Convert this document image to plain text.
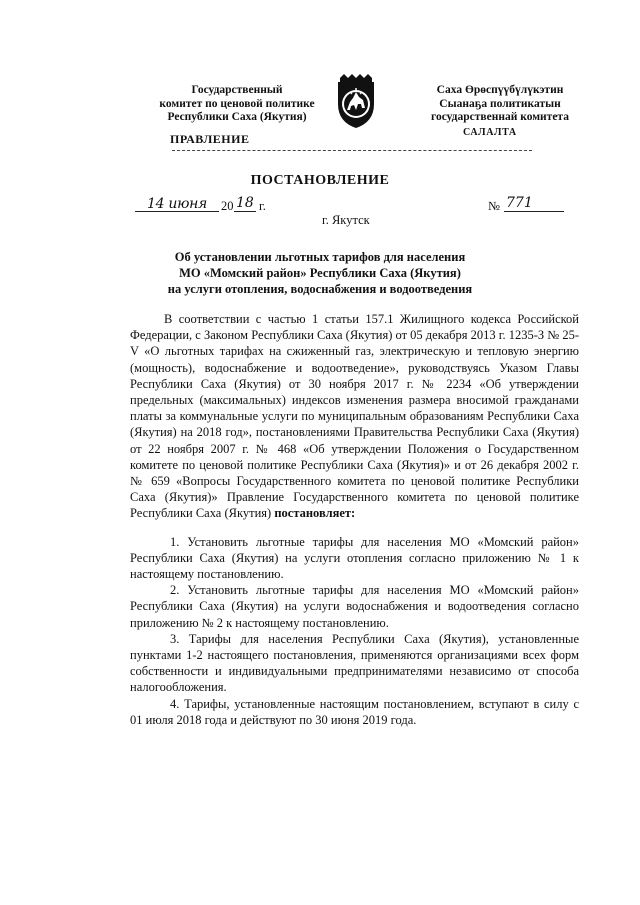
Государственный
комитет по ценовой политике
Республики Саха (Якутия)
Саха Өрөспүүбүлүкэтин
Сыанаҕа политикатын
государственнай комитета
ПРАВЛЕНИЕ	САЛАЛТА
ПОСТАНОВЛЕНИЕ
14 июня 20 18 г.	№ 771
г. Якутск
Об установлении льготных тарифов для населения
МО «Момский район» Республики Саха (Якутия)
на услуги отопления, водоснабжения и водоотведения

В соответствии с частью 1 статьи 157.1 Жилищного кодекса Российской Федерации, с Законом Республики Саха (Якутия) от 05 декабря 2013 г. 1235-З № 25-V «О льготных тарифах на сжиженный газ, электрическую и тепловую энергию (мощность), водоснабжение и водоотведение», руководствуясь Указом Главы Республики Саха (Якутия) от 30 ноября 2017 г. № 2234 «Об утверждении предельных (максимальных) индексов изменения размера вносимой гражданами платы за коммунальные услуги по муниципальным образованиям Республики Саха (Якутия) на 2018 год», постановлениями Правительства Республики Саха (Якутия) от 22 ноября 2007 г. № 468 «Об утверждении Положения о Государственном комитете по ценовой политике Республики Саха (Якутия)» и от 26 декабря 2002 г. № 659 «Вопросы Государственного комитета по ценовой политике Республики Саха (Якутия)» Правление Государственного комитета по ценовой политике Республики Саха (Якутия) постановляет:

1. Установить льготные тарифы для населения МО «Момский район» Республики Саха (Якутия) на услуги отопления согласно приложению № 1 к настоящему постановлению.

2. Установить льготные тарифы для населения МО «Момский район» Республики Саха (Якутия) на услуги водоснабжения и водоотведения согласно приложению № 2 к настоящему постановлению.

3. Тарифы для населения Республики Саха (Якутия), установленные пунктами 1-2 настоящего постановления, применяются организациями всех форм собственности и индивидуальными предпринимателями независимо от способа налогообложения.

4. Тарифы, установленные настоящим постановлением, вступают в силу с 01 июля 2018 года и действуют по 30 июня 2019 года.
